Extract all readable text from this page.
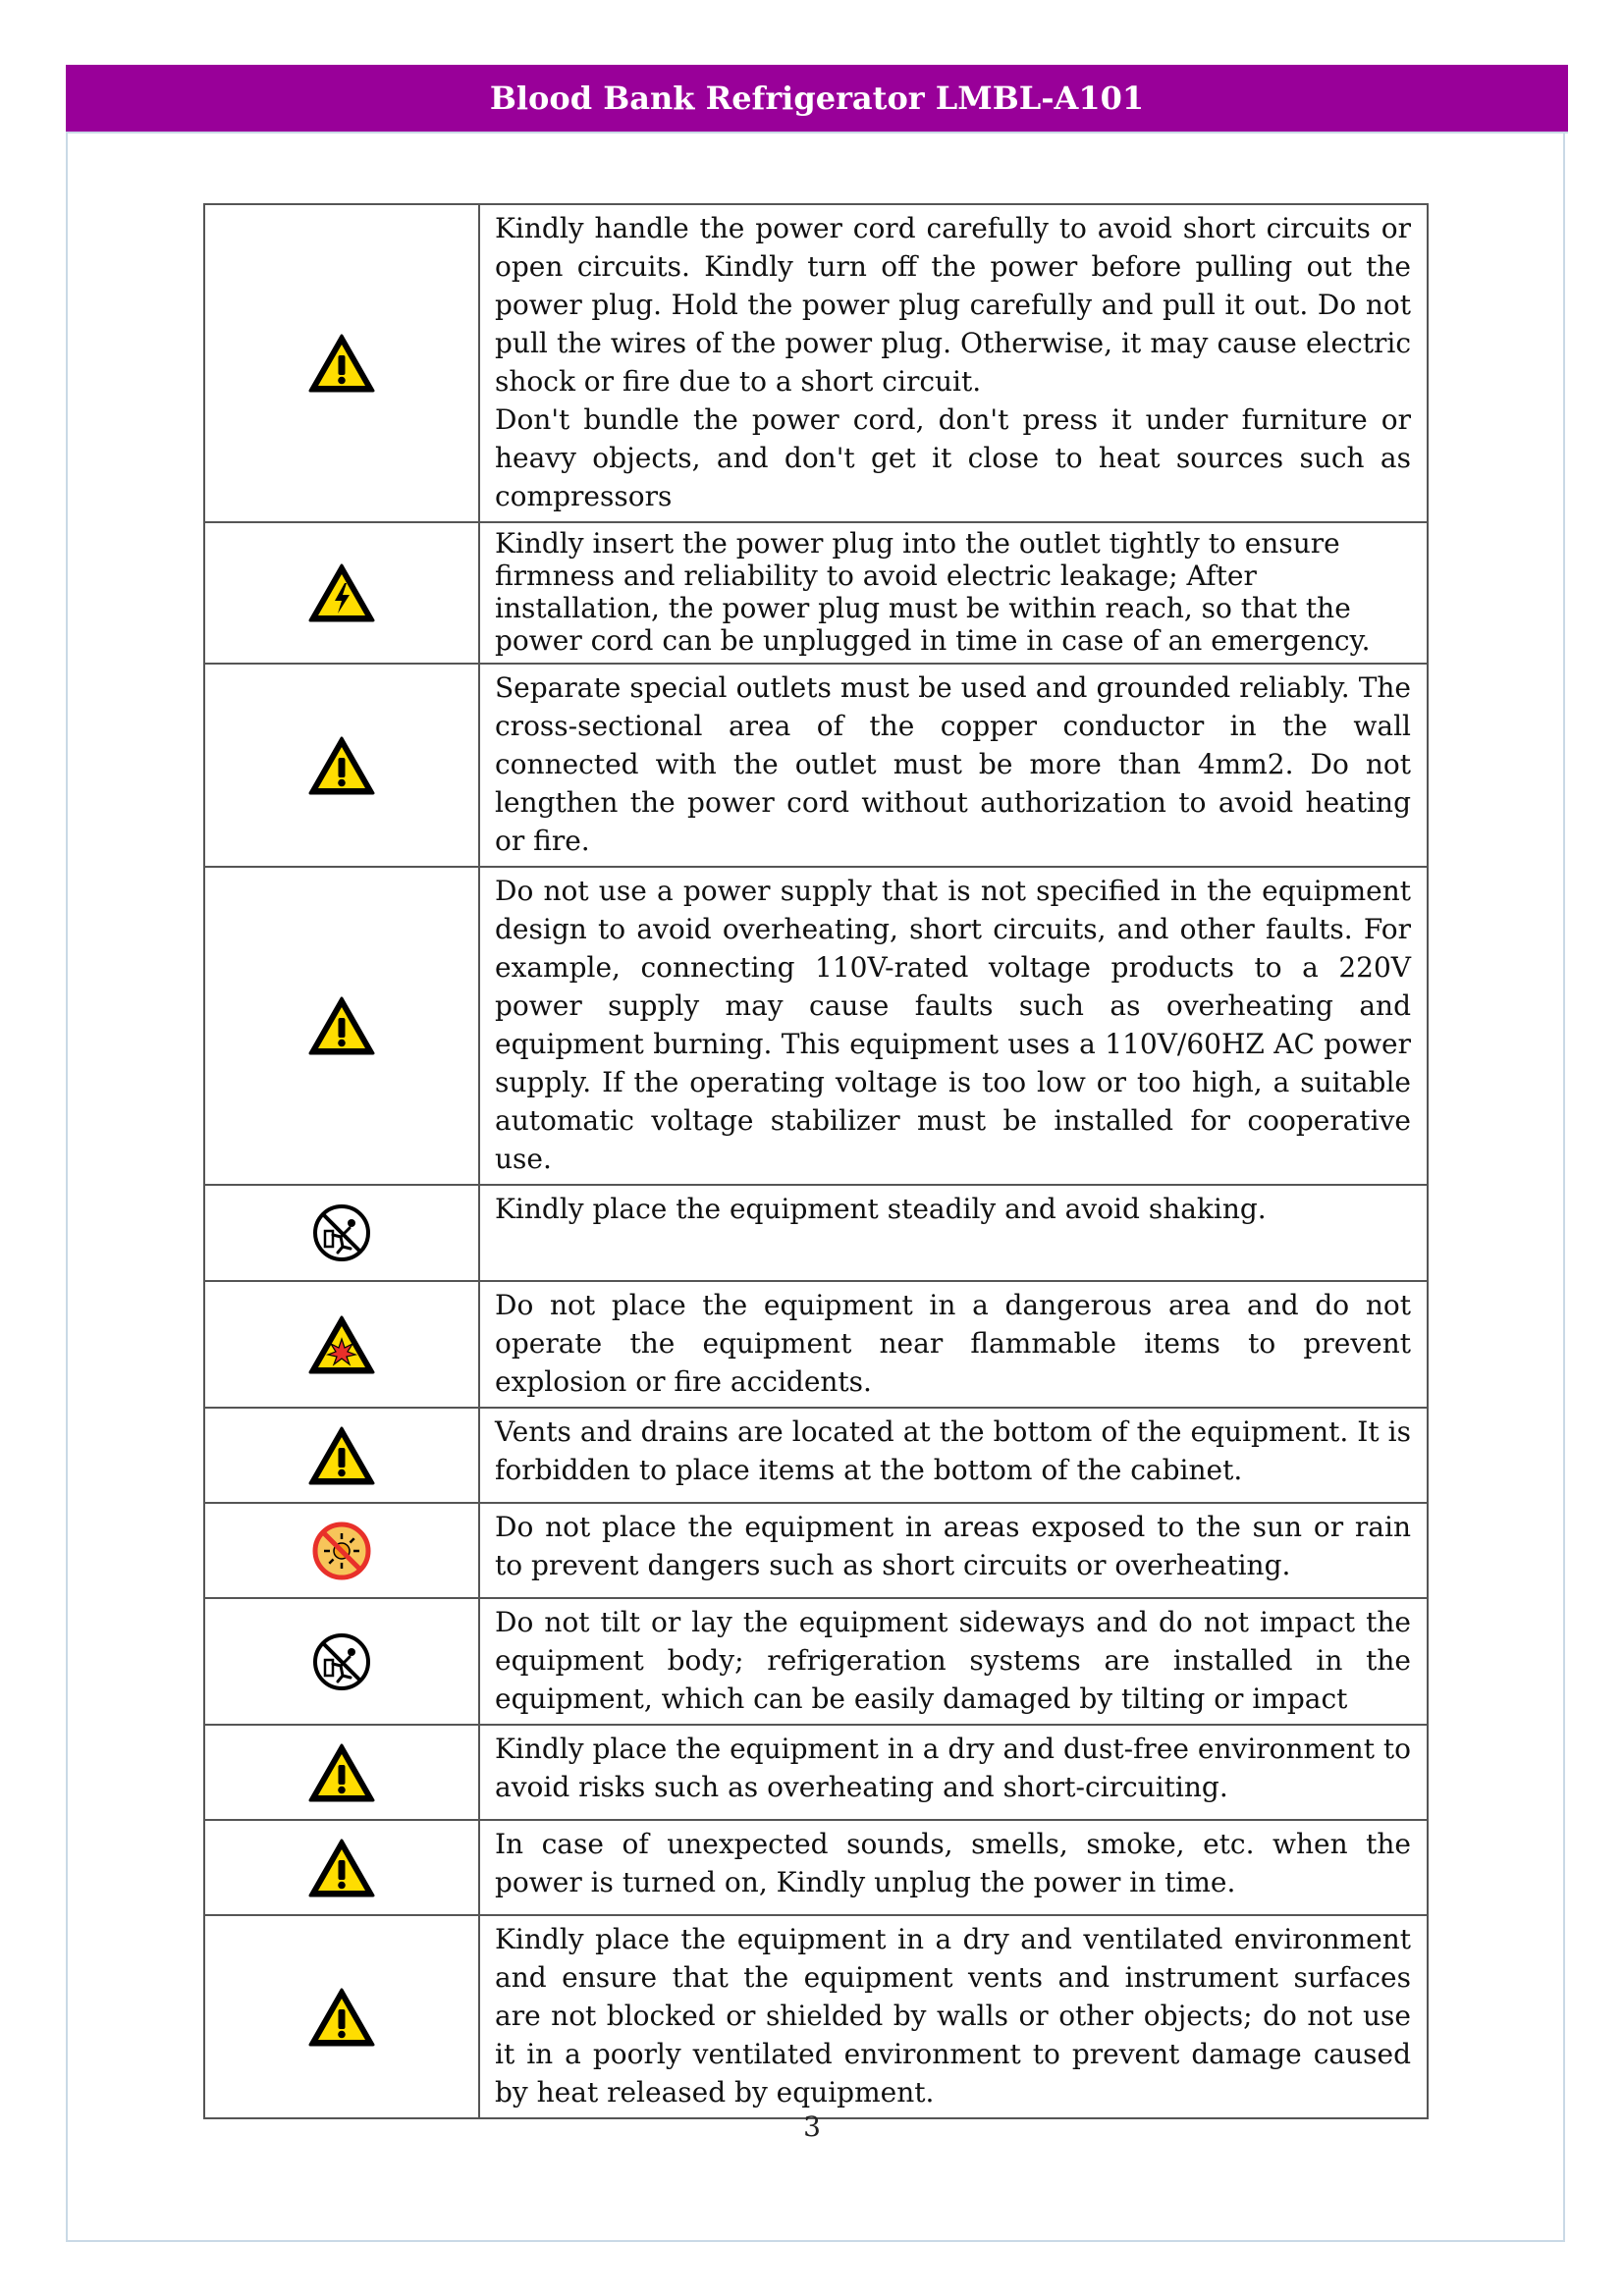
Blood Bank Refrigerator LMBL-A101

Kindly handle the power cord carefully to avoid short circuits or open circuits. Kindly turn off the power before pulling out the power plug. Hold the power plug carefully and pull it out. Do not pull the wires of the power plug. Otherwise, it may cause electric shock or fire due to a short circuit.
Don't bundle the power cord, don't press it under furniture or heavy objects, and don't get it close to heat sources such as compressors

Kindly insert the power plug into the outlet tightly to ensure firmness and reliability to avoid electric leakage; After installation, the power plug must be within reach, so that the power cord can be unplugged in time in case of an emergency.

Separate special outlets must be used and grounded reliably. The cross-sectional area of the copper conductor in the wall connected with the outlet must be more than 4mm2. Do not lengthen the power cord without authorization to avoid heating or fire.

Do not use a power supply that is not specified in the equipment design to avoid overheating, short circuits, and other faults. For example, connecting 110V-rated voltage products to a 220V power supply may cause faults such as overheating and equipment burning. This equipment uses a 110V/60HZ AC power supply. If the operating voltage is too low or too high, a suitable automatic voltage stabilizer must be installed for cooperative use.

Kindly place the equipment steadily and avoid shaking.

Do not place the equipment in a dangerous area and do not operate the equipment near flammable items to prevent explosion or fire accidents.

Vents and drains are located at the bottom of the equipment. It is forbidden to place items at the bottom of the cabinet.

Do not place the equipment in areas exposed to the sun or rain to prevent dangers such as short circuits or overheating.

Do not tilt or lay the equipment sideways and do not impact the equipment body; refrigeration systems are installed in the equipment, which can be easily damaged by tilting or impact

Kindly place the equipment in a dry and dust-free environment to avoid risks such as overheating and short-circuiting.

In case of unexpected sounds, smells, smoke, etc. when the power is turned on, Kindly unplug the power in time.

Kindly place the equipment in a dry and ventilated environment and ensure that the equipment vents and instrument surfaces are not blocked or shielded by walls or other objects; do not use it in a poorly ventilated environment to prevent damage caused by heat released by equipment.
3
